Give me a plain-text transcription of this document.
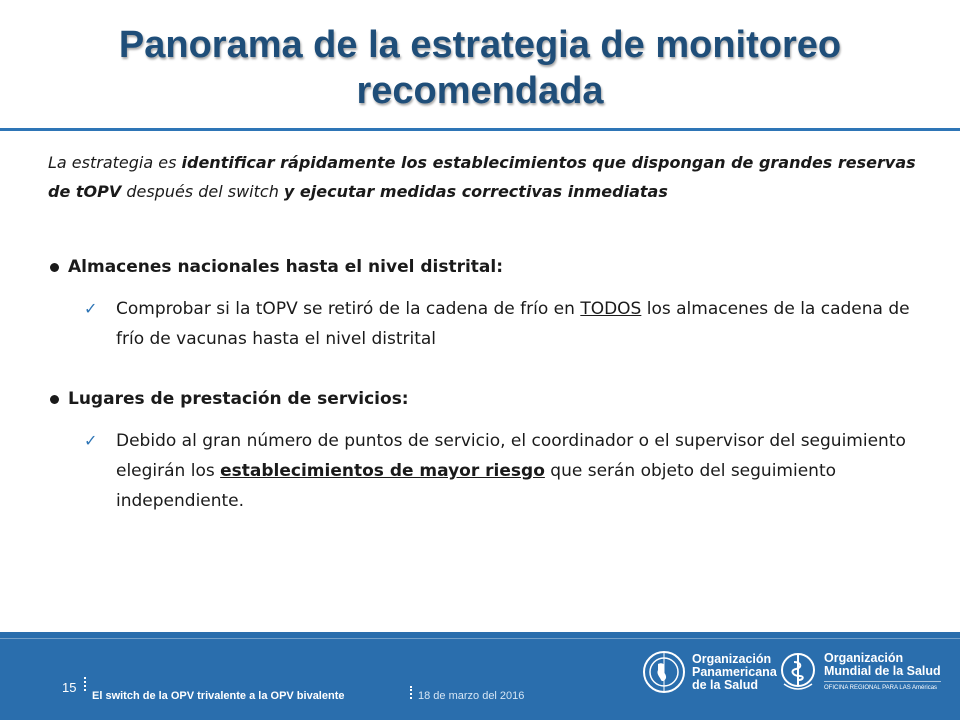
Panorama de la estrategia de monitoreo recomendada

La estrategia es identificar rápidamente los establecimientos que dispongan de grandes reservas de tOPV después del switch y ejecutar medidas correctivas inmediatas

Almacenes nacionales hasta el nivel distrital:
✓	Comprobar si la tOPV se retiró de la cadena de frío en TODOS los almacenes de la cadena de frío de vacunas hasta el nivel distrital
Lugares de prestación de servicios:
✓	Debido al gran número de puntos de servicio, el coordinador o el supervisor del seguimiento elegirán los establecimientos de mayor riesgo que serán objeto del seguimiento independiente.
15
El switch de la OPV trivalente a la OPV bivalente	18 de marzo del 2016
Organización
Panamericana
de la Salud
Organización
Mundial de la Salud
OFICINA REGIONAL PARA LAS Américas
